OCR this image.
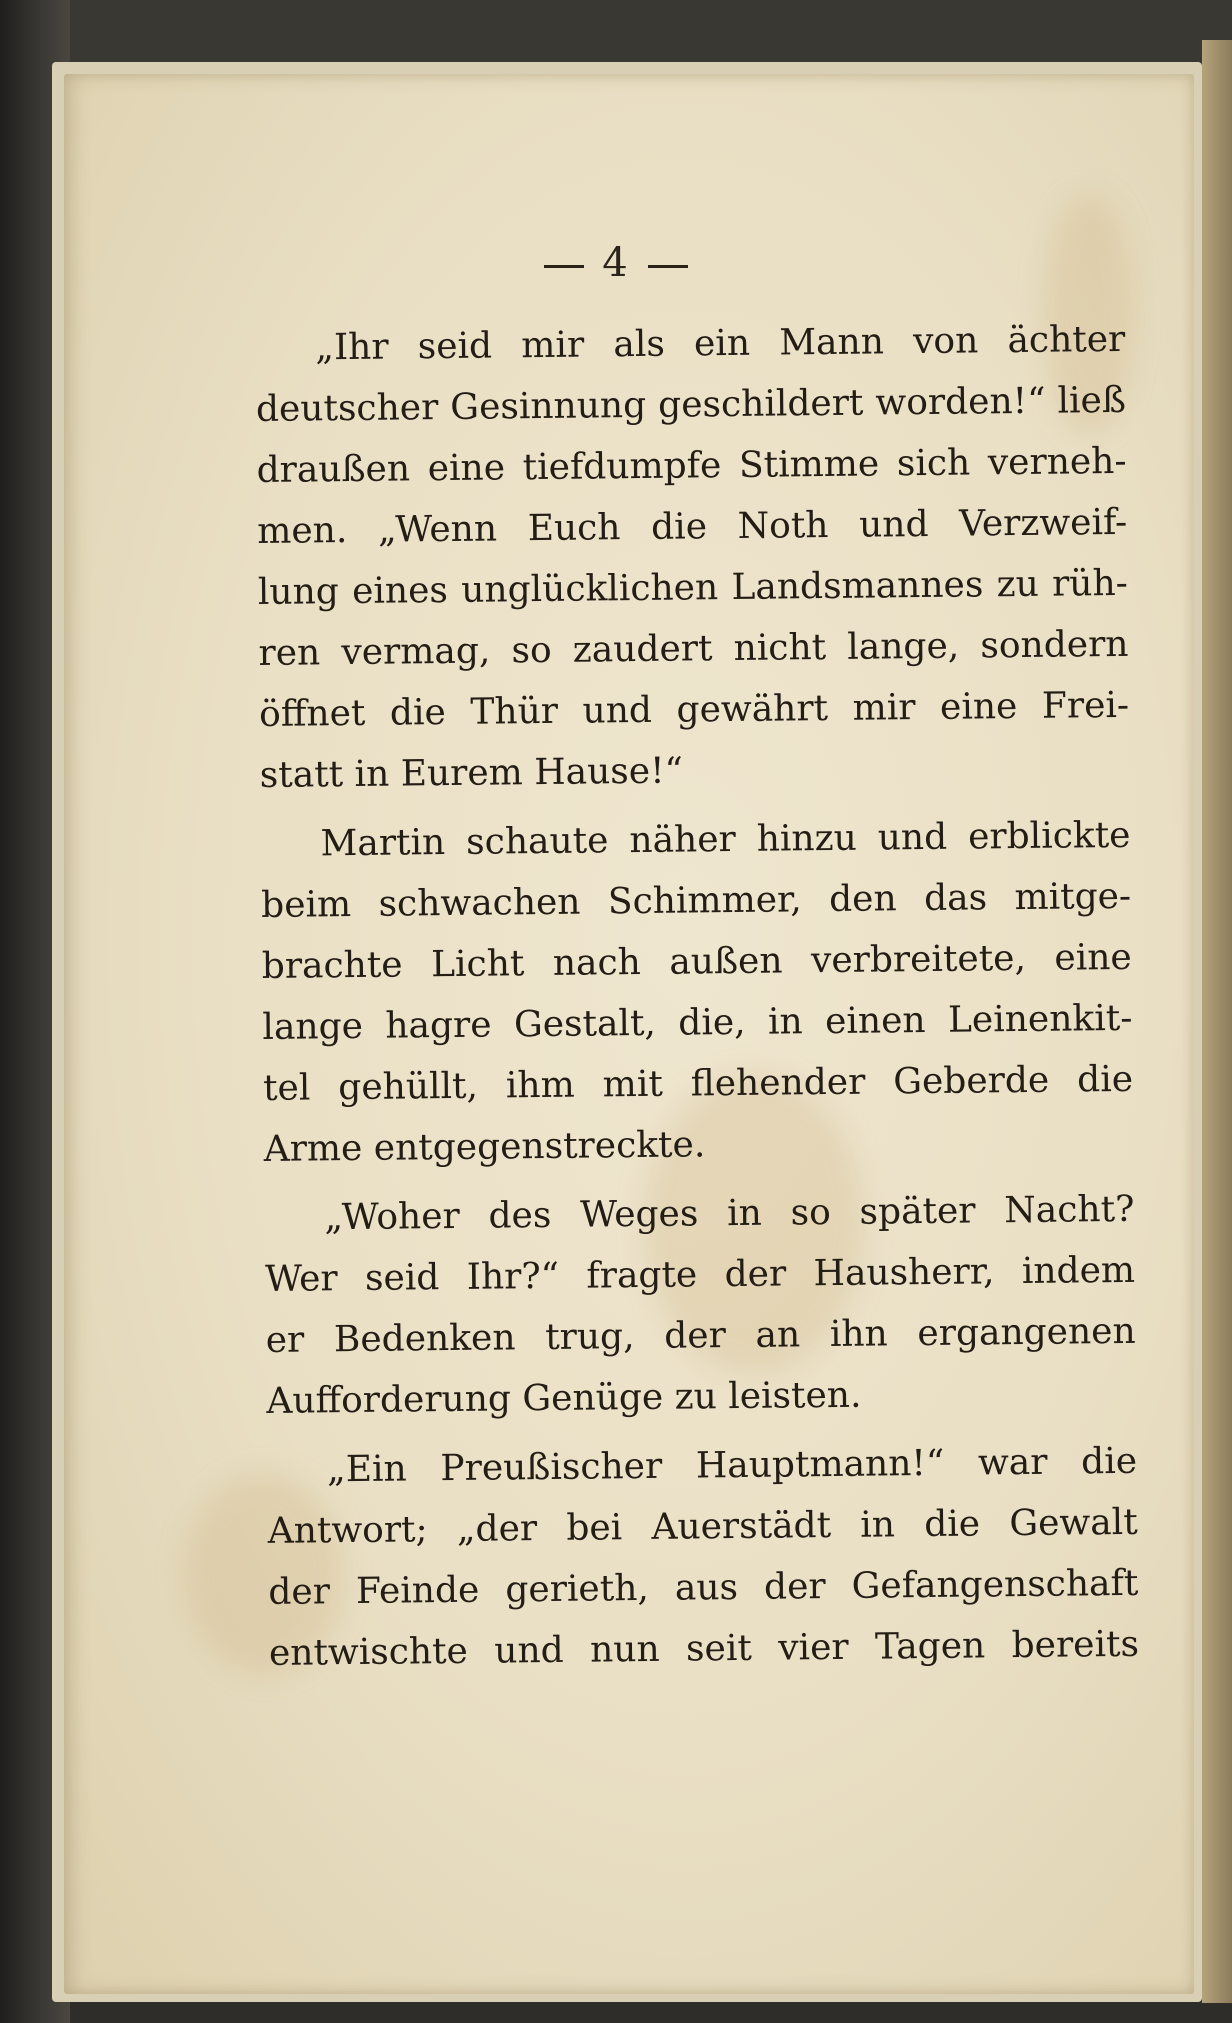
4
„Ihr seid mir als ein Mann von ächter
deutscher Gesinnung geschildert worden!“ ließ
draußen eine tiefdumpfe Stimme sich verneh-
men. „Wenn Euch die Noth und Verzweif-
lung eines unglücklichen Landsmannes zu rüh-
ren vermag, so zaudert nicht lange, sondern
öffnet die Thür und gewährt mir eine Frei-
statt in Eurem Hause!“
Martin schaute näher hinzu und erblickte
beim schwachen Schimmer, den das mitge-
brachte Licht nach außen verbreitete, eine
lange hagre Gestalt, die, in einen Leinenkit-
tel gehüllt, ihm mit flehender Geberde die
Arme entgegenstreckte.
„Woher des Weges in so später Nacht?
Wer seid Ihr?“ fragte der Hausherr, indem
er Bedenken trug, der an ihn ergangenen
Aufforderung Genüge zu leisten.
„Ein Preußischer Hauptmann!“ war die
Antwort; „der bei Auerstädt in die Gewalt
der Feinde gerieth, aus der Gefangenschaft
entwischte und nun seit vier Tagen bereits
